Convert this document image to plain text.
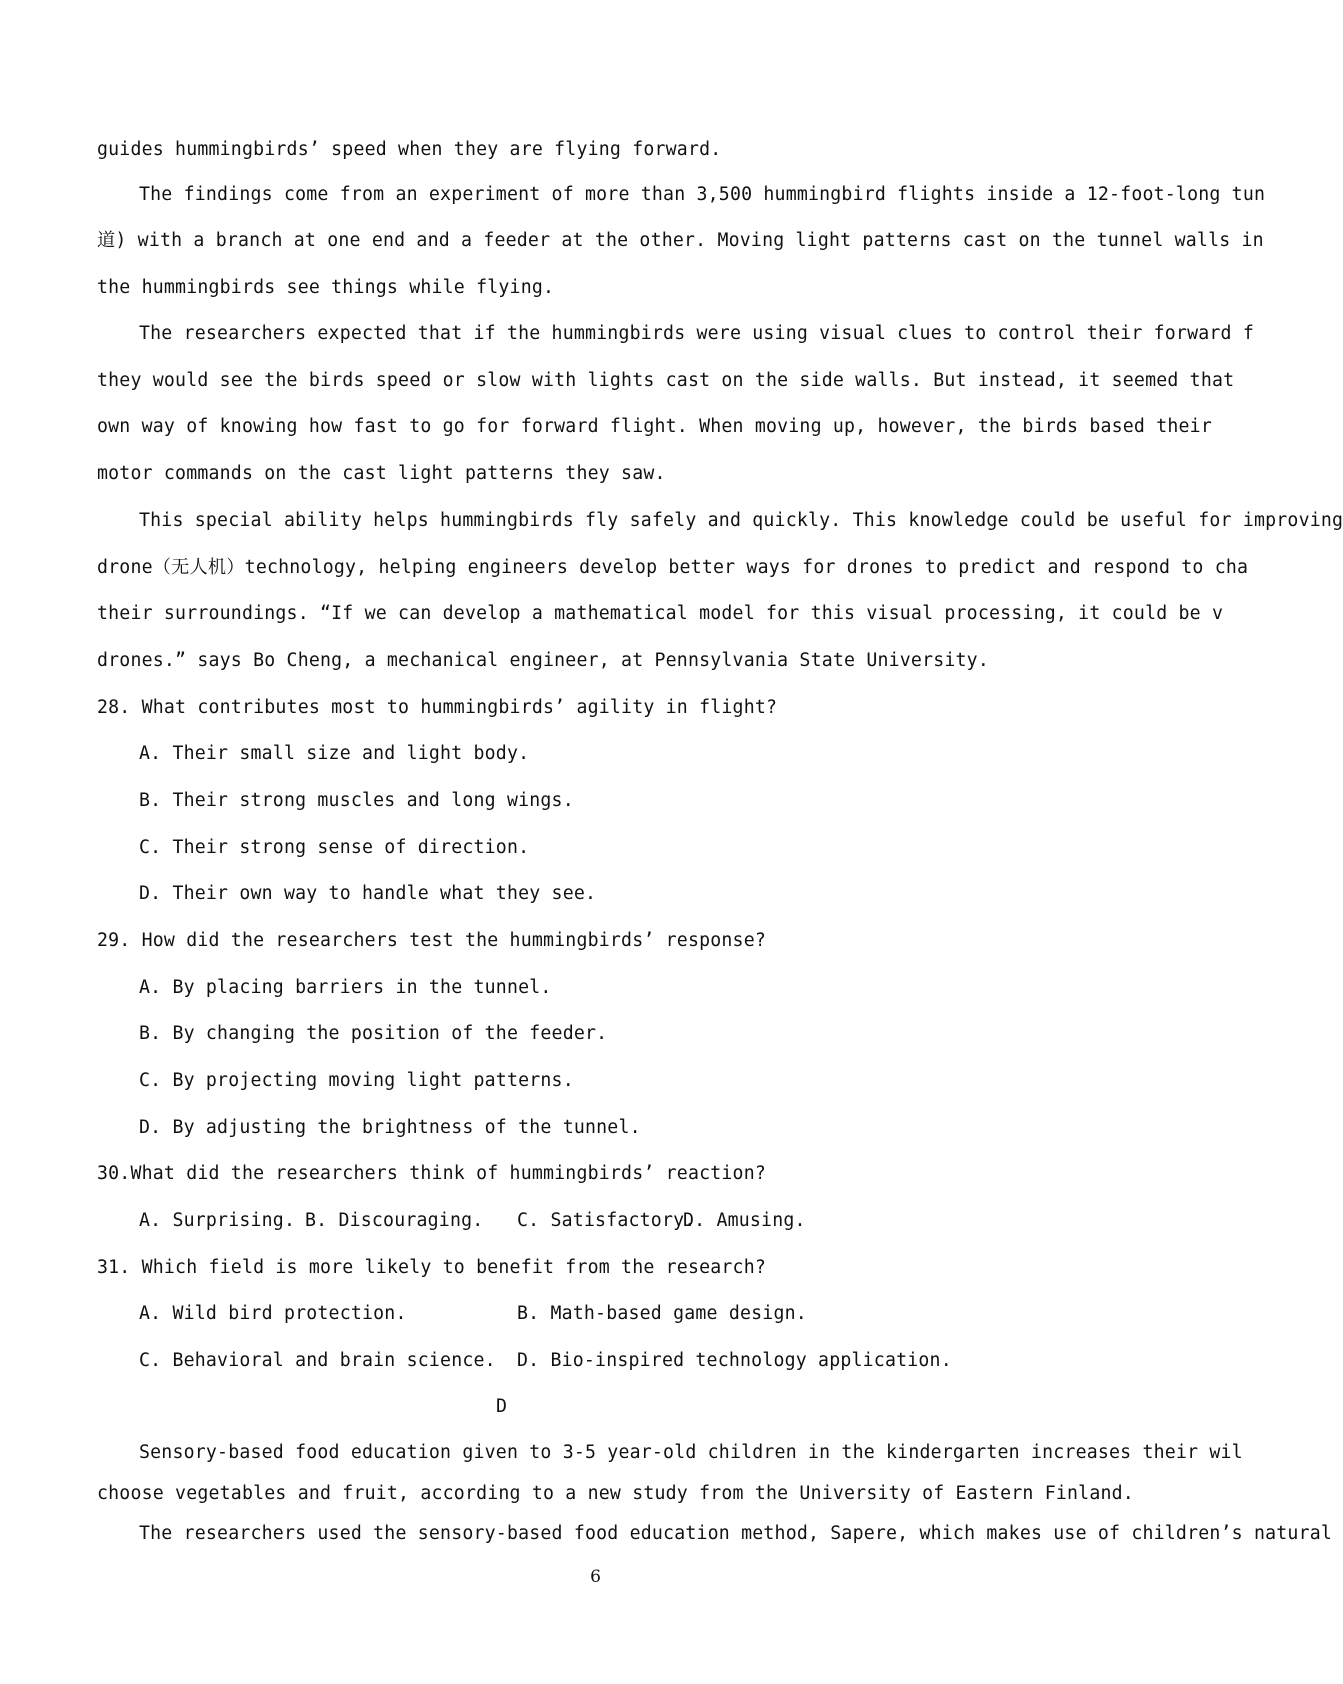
guides hummingbirds’ speed when they are flying forward.
The findings come from an experiment of more than 3,500 hummingbird flights inside a 12-foot-long tun
道) with a branch at one end and a feeder at the other. Moving light patterns cast on the tunnel walls in
the hummingbirds see things while flying.
The researchers expected that if the hummingbirds were using visual clues to control their forward f
they would see the birds speed or slow with lights cast on the side walls. But instead, it seemed that
own way of knowing how fast to go for forward flight. When moving up, however, the birds based their
motor commands on the cast light patterns they saw.
This special ability helps hummingbirds fly safely and quickly. This knowledge could be useful for improving
drone（无人机）technology, helping engineers develop better ways for drones to predict and respond to cha
their surroundings. “If we can develop a mathematical model for this visual processing, it could be v
drones.” says Bo Cheng, a mechanical engineer, at Pennsylvania State University.
28. What contributes most to hummingbirds’ agility in flight?
A. Their small size and light body.
B. Their strong muscles and long wings.
C. Their strong sense of direction.
D. Their own way to handle what they see.
29. How did the researchers test the hummingbirds’ response?
A. By placing barriers in the tunnel.
B. By changing the position of the feeder.
C. By projecting moving light patterns.
D. By adjusting the brightness of the tunnel.
30.What did the researchers think of hummingbirds’ reaction?
A. Surprising. B. Discouraging. C. Satisfactory.
D. Amusing.
31. Which field is more likely to benefit from the research?
A. Wild bird protection.	B. Math-based game design.
C. Behavioral and brain science. D. Bio-inspired technology application.
D
Sensory-based food education given to 3-5 year-old children in the kindergarten increases their wil
choose vegetables and fruit, according to a new study from the University of Eastern Finland.
The researchers used the sensory-based food education method, Sapere, which makes use of children’s natural
6
